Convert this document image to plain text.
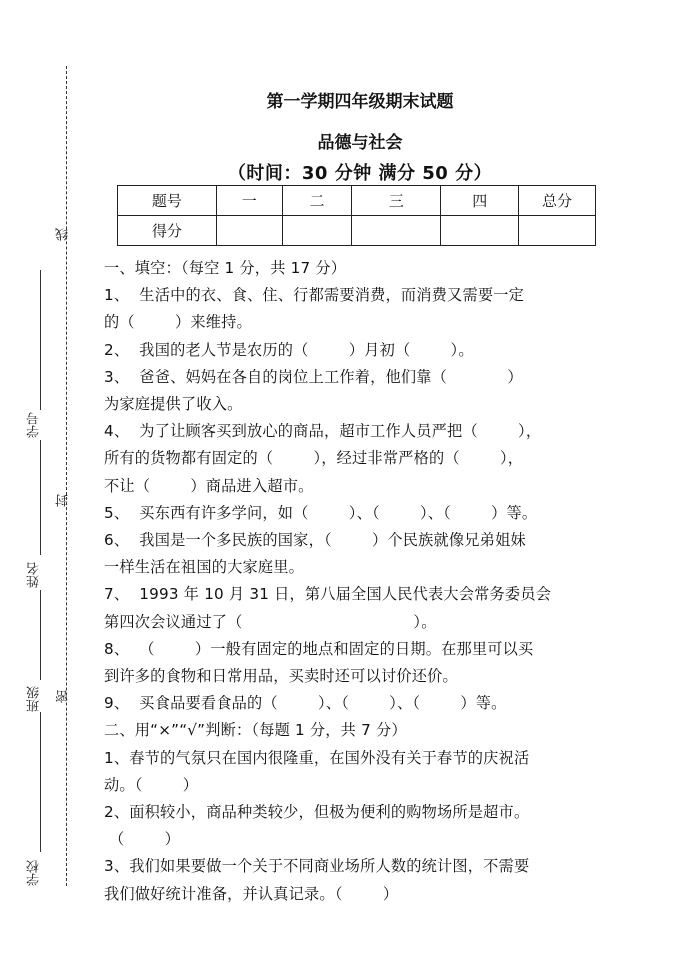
线
封
密
学号
姓名
班级
学校
第一学期四年级期末试题
品德与社会
（时间：30 分钟 满分 50 分）
题号	一	二	三	四	总分
得分					

一、填空：（每空 1 分，共 17 分）

1、  生活中的衣、食、住、行都需要消费，而消费又需要一定

的（        ）来维持。

2、  我国的老人节是农历的（        ）月初（        ）。

3、  爸爸、妈妈在各自的岗位上工作着，他们靠（            ）

为家庭提供了收入。

4、  为了让顾客买到放心的商品，超市工作人员严把（        ），

所有的货物都有固定的（        ），经过非常严格的（        ），

不让（        ）商品进入超市。

5、  买东西有许多学问，如（        ）、（        ）、（        ）等。

6、  我国是一个多民族的国家，（        ）个民族就像兄弟姐妹

一样生活在祖国的大家庭里。

7、  1993 年 10 月 31 日，第八届全国人民代表大会常务委员会

第四次会议通过了（                                  ）。

8、  （        ）一般有固定的地点和固定的日期。在那里可以买

到许多的食物和日常用品，买卖时还可以讨价还价。

9、  买食品要看食品的（        ）、（        ）、（        ）等。

二、用“×”“√”判断：（每题 1 分，共 7 分）

1、春节的气氛只在国内很隆重，在国外没有关于春节的庆祝活

动。（        ）

2、面积较小，商品种类较少，但极为便利的购物场所是超市。

（        ）

3、我们如果要做一个关于不同商业场所人数的统计图，不需要

我们做好统计准备，并认真记录。（        ）
